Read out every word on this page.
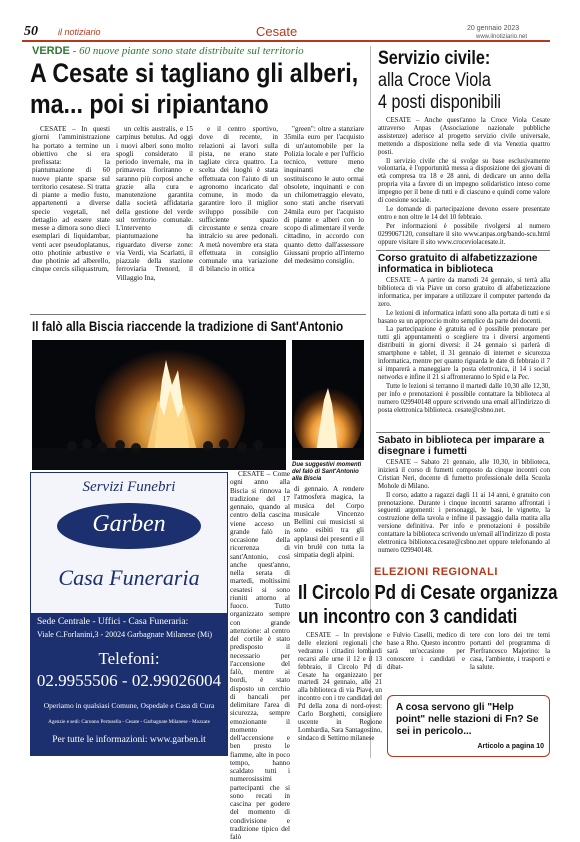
50 il notiziario	Cesate	20 gennaio 2023
www.ilnotiziario.net
VERDE - 60 nuove piante sono state distribuite sul territorio
A Cesate si tagliano gli alberi,
ma... poi si ripiantano

CESATE – In questi giorni l'amministrazione ha portato a termine un obiettivo che si era prefissata: la piantumazione di 60 nuove piante sparse sul territorio cesatese. Si tratta di piante a medio fusto, appartenenti a diverse specie vegetali, nel dettaglio ad essere state messe a dimora sono dieci esemplari di liquidambar, venti acer pseudoplatanus, otto photinie arbustive e due photinie ad alberello, cinque cercis siliquastrum,

un celtis australis, e 15 carpinus betulus. Ad oggi i nuovi alberi sono molto spogli considerato il periodo invernale, ma in primavera fioriranno e saranno più corposi anche grazie alla cura e manutenzione garantita dalla società affidataria della gestione del verde sul territorio comunale. L'intervento di piantumazione ha riguardato diverse zone: via Verdi, via Scarlatti, il piazzale della stazione ferroviaria Trenord, il Villaggio Ina,

e il centro sportivo, dove di recente, in relazioni ai lavori sulla pista, ne erano state tagliate circa quattro. La scelta dei luoghi è stata effettuata con l'aiuto di un agronomo incaricato dal comune, in modo da garantire loro il miglior sviluppo possibile con sufficiente spazio circostante e senza creare intralcio su aree pedonali. A metà novembre era stata effettuata in consiglio comunale una variazione di bilancio in ottica

"green": oltre a stanziare 35mila euro per l'acquisto di un'automobile per la Polizia locale e per l'ufficio tecnico, vetture meno inquinanti che sostituiscono le auto ormai obsolete, inquinanti e con un chilometraggio elevato, sono stati anche riservati 24mila euro per l'acquisto di piante e alberi con lo scopo di alimentare il verde cittadino, in accordo con quanto detto dall'assessore Giussani proprio all'interno del medesimo consiglio.

Il falò alla Biscia riaccende la tradizione di Sant'Antonio
Due suggestivi momenti del falò di Sant'Antonio alla Biscia
Servizi Funebri
Garben
Casa Funeraria
Sede Centrale - Uffici - Casa Funeraria:
Viale C.Forlanini,3 - 20024 Garbagnate Milanese (Mi)
Telefoni:
02.9955506 - 02.99026004
Operiamo in qualsiasi Comune, Ospedale e Casa di Cura
Agenzie e sedi: Caronno Pertusella - Cesate - Garbagnate Milanese - Mozzate
Per tutte le informazioni: www.garben.it

CESATE – Come ogni anno alla Biscia si rinnova la tradizione del 17 gennaio, quando al centro della cascina viene acceso un grande falò in occasione della ricorrenza di sant'Antonio, così anche quest'anno, nella serata di martedì, moltissimi cesatesi si sono riuniti attorno al fuoco. Tutto organizzato sempre con grande attenzione: al centro del cortile è stato predisposto il necessario per l'accensione del falò, mentre ai bordi, è stato disposto un cerchio di bancali per delimitare l'area di sicurezza, sempre emozionante il momento dell'accensione e ben presto le fiamme, alte in poco tempo, hanno scaldato tutti i numerosissimi partecipanti che si sono recati in cascina per godere del momento di condivisione e tradizione tipico del falò

di gennaio. A rendere l'atmosfera magica, la musica del Corpo musicale Vincenzo Bellini cui musicisti si sono esibiti tra gli applausi dei presenti e il vin brulè con tutta la simpatia degli alpini.

Servizio civile:
alla Croce Viola
4 posti disponibili

CESATE – Anche quest'anno la Croce Viola Cesate attraverso Anpas (Associazione nazionale pubbliche assistenze) aderisce al progetto servizio civile universale, mettendo a disposizione nella sede di via Venezia quattro posti.

Il servizio civile che si svolge su base esclusivamente volontaria, è l'opportunità messa a disposizione dei giovani di età compresa tra 18 e 28 anni, di dedicare un anno della propria vita a favore di un impegno solidaristico inteso come impegno per il bene di tutti e di ciascuno e quindi come valore di coesione sociale.

Le domande di partecipazione devono essere presentate entro e non oltre le 14 del 10 febbraio.

Per informazioni è possibile rivolgersi al numero 0299067120, consultare il sito www.anpas.org/bando-scu.html oppure visitare il sito www.croceviolacesate.it.

Corso gratuito di alfabetizzazione informatica in biblioteca

CESATE – A partire da martedì 24 gennaio, si terrà alla biblioteca di via Piave un corso gratuito di alfabetizzazione informatica, per imparare a utilizzare il computer partendo da zero.

Le lezioni di informatica infatti sono alla portata di tutti e si basano su un approccio molto semplice da parte dei docenti.

La partecipazione è gratuita ed è possibile prenotare per tutti gli appuntamenti o scegliere tra i diversi argomenti distribuiti in giorni diversi: il 24 gennaio si parlerà di smartphone e tablet, il 31 gennaio di internet e sicurezza informatica, mentre per quanto riguarda le date di febbraio il 7 si imparerà a maneggiare la posta elettronica, il 14 i social networks e infine il 21 si affronteranno lo Spid e la Pec.

Tutte le lezioni si terranno il martedì dalle 10,30 alle 12,30, per info e prenotazioni è possibile contattare la biblioteca al numero 029940148 oppure scrivendo una email all'indirizzo di posta elettronica biblioteca. cesate@csbno.net.

Sabato in biblioteca per imparare a disegnare i fumetti

CESATE – Sabato 21 gennaio, alle 10,30, in biblioteca, inizierà il corso di fumetti composto da cinque incontri con Cristian Neri, docente di fumetto professionale della Scuola Mohole di Milano.

Il corso, adatto a ragazzi dagli 11 ai 14 anni, è gratuito con prenotazione. Durante i cinque incontri saranno affrontati i seguenti argomenti: i personaggi, le basi, le vignette, la costruzione della tavola e infine il passaggio dalla matita alla versione definitiva. Per info e prenotazioni è possibile contattare la biblioteca scrivendo un'email all'indirizzo di posta elettronica biblioteca.cesate@csbno.net oppure telefonando al numero 029940148.

ELEZIONI REGIONALI
Il Circolo Pd di Cesate organizza
un incontro con 3 candidati

CESATE – In previsione delle elezioni regionali che vedranno i cittadini lombardi recarsi alle urne il 12 e il 13 febbraio, il Circolo Pd di Cesate ha organizzato per martedì 24 gennaio, alle 21 alla biblioteca di via Piave, un incontro con i tre candidati del Pd della zona di nord-ovest: Carlo Borghetti, consigliere uscente in Regione Lombardia, Sara Santagostino, sindaco di Settimo milanese

e Fulvio Caselli, medico di base a Rho. Questo incontro sarà un'occasione per conoscere i candidati e dibat-

tere con loro dei tre temi portanti del programma di Pierfrancesco Majorino: la casa, l'ambiente, i trasporti e la salute.

A cosa servono gli "Help point" nelle stazioni di Fn? Se sei in pericolo...
Articolo a pagina 10
